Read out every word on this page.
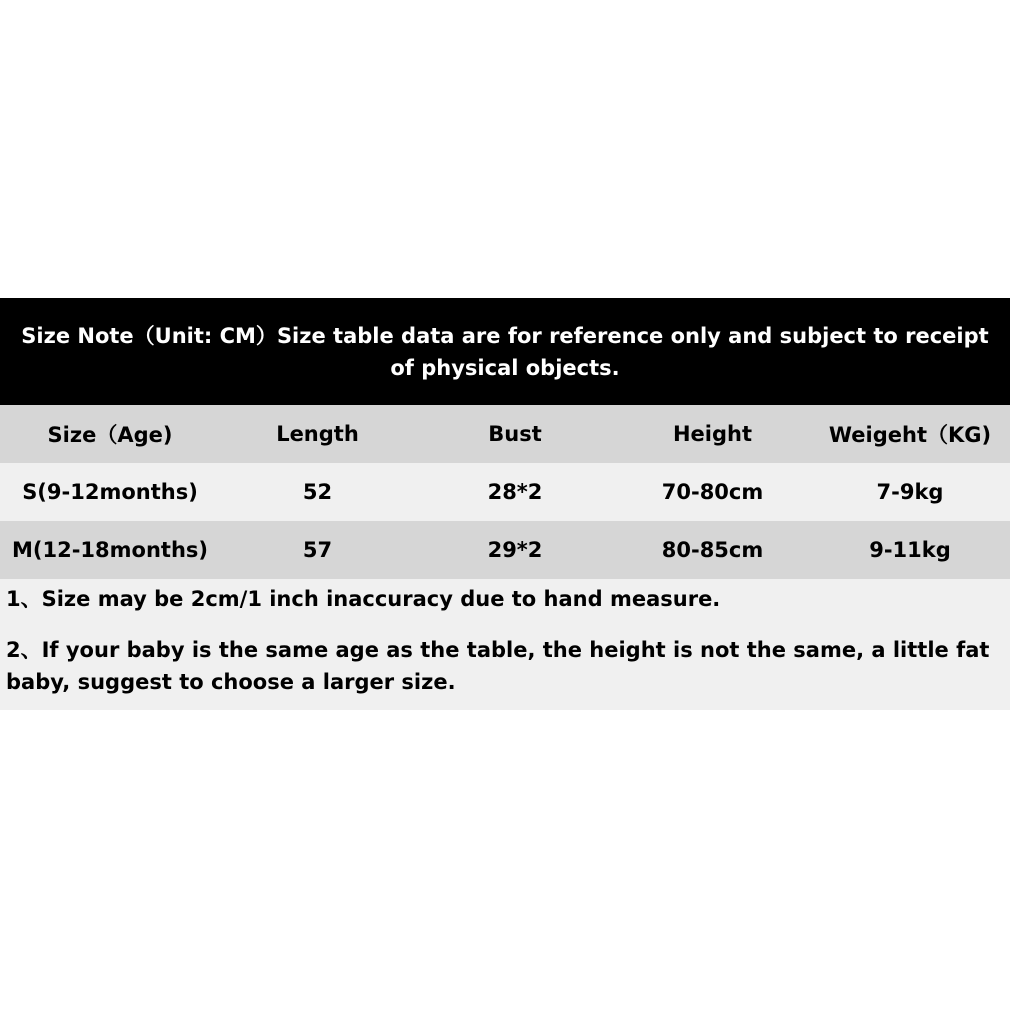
Size Note（Unit: CM）Size table data are for reference only and subject to receipt of physical objects.
Size（Age)	Length	Bust	Height	Weigeht（KG)
S(9-12months)	52	28*2	70-80cm	7-9kg
M(12-18months)	57	29*2	80-85cm	9-11kg

1、Size may be 2cm/1 inch inaccuracy due to hand measure.

2、If your baby is the same age as the table, the height is not the same, a little fat baby, suggest to choose a larger size.
